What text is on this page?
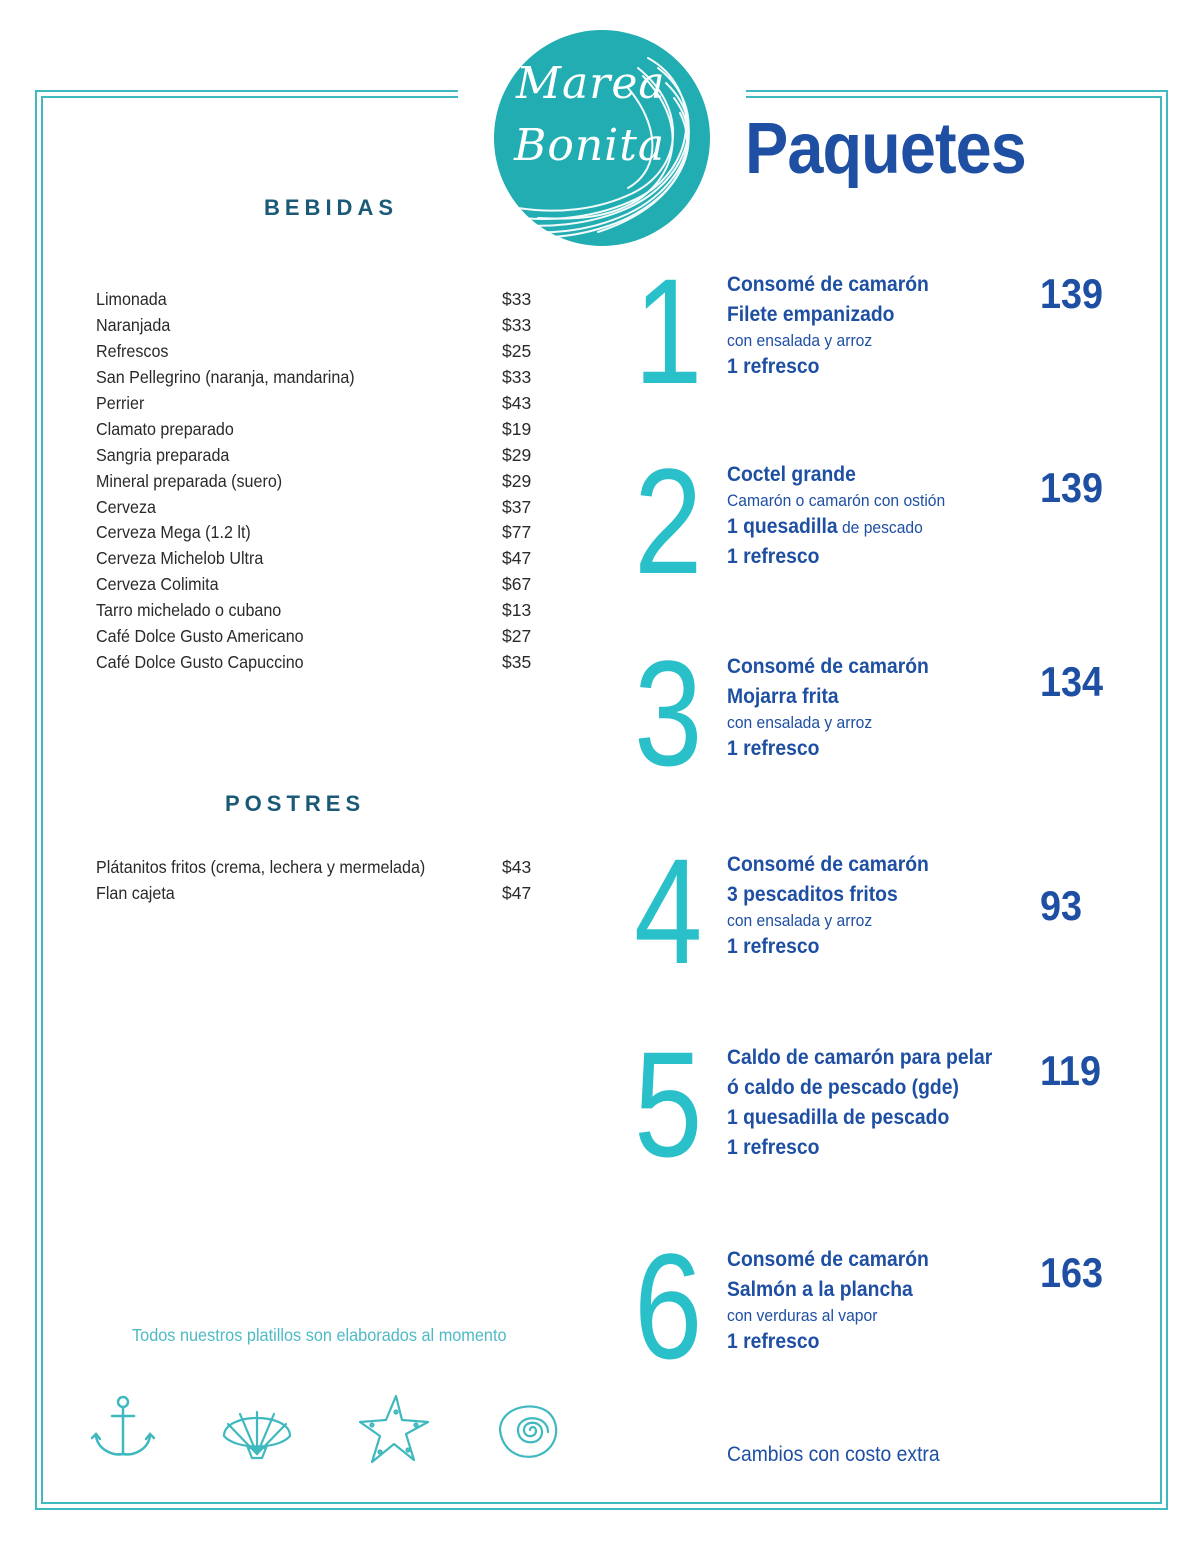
Marea
Bonita Paquetes
BEBIDAS
Limonada	$33
Naranjada	$33
Refrescos	$25
San Pellegrino (naranja, mandarina)	$33
Perrier	$43
Clamato preparado	$19
Sangria preparada	$29
Mineral preparada (suero)	$29
Cerveza	$37
Cerveza Mega (1.2 lt)	$77
Cerveza Michelob Ultra	$47
Cerveza Colimita	$67
Tarro michelado o cubano	$13
Café Dolce Gusto Americano	$27
Café Dolce Gusto Capuccino	$35
POSTRES
Plátanitos fritos (crema, lechera y mermelada)	$43
Flan cajeta	$47
Todos nuestros platillos son elaborados al momento
1 Consomé de camarón
Filete empanizado
con ensalada y arroz
1 refresco
139
2 Coctel grande
Camarón o camarón con ostión
1 quesadilla de pescado
1 refresco
139
3 Consomé de camarón
Mojarra frita
con ensalada y arroz
1 refresco
134
4 Consomé de camarón
3 pescaditos fritos
con ensalada y arroz
1 refresco
93
5 Caldo de camarón para pelar
ó caldo de pescado (gde)
1 quesadilla de pescado
1 refresco
119
6 Consomé de camarón
Salmón a la plancha
con verduras al vapor
1 refresco
163
Cambios con costo extra
